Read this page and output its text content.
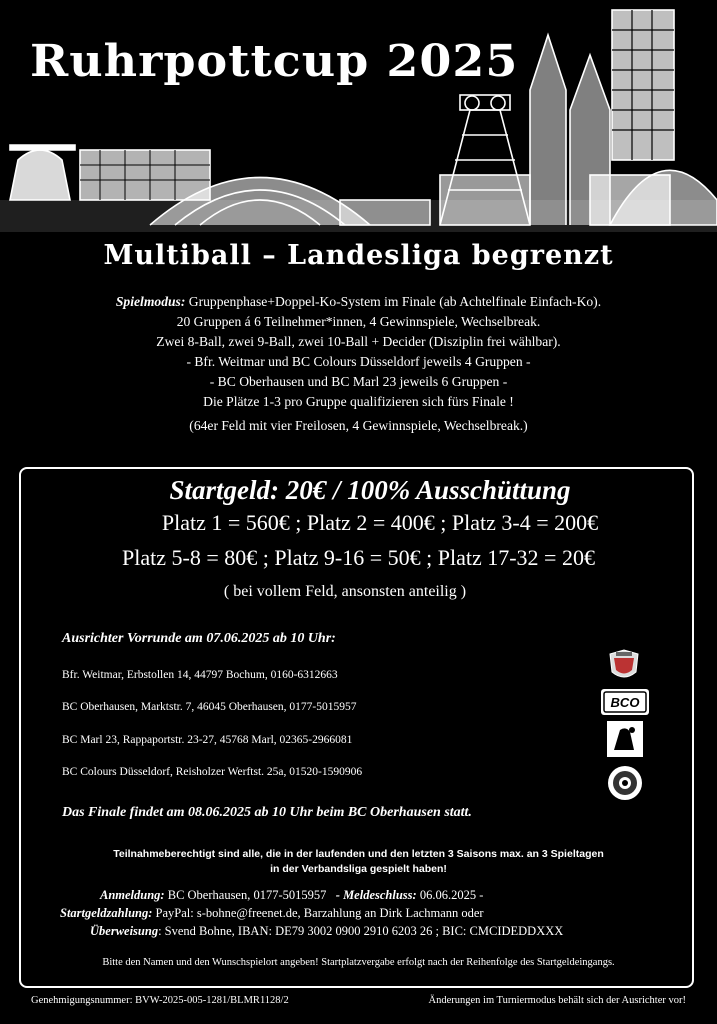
Ruhrpottcup 2025
Multiball – Landesliga begrenzt
Spielmodus: Gruppenphase+Doppel-Ko-System im Finale (ab Achtelfinale Einfach-Ko).
20 Gruppen á 6 Teilnehmer*innen, 4 Gewinnspiele, Wechselbreak.
Zwei 8-Ball, zwei 9-Ball, zwei 10-Ball + Decider (Disziplin frei wählbar).
- Bfr. Weitmar und BC Colours Düsseldorf jeweils 4 Gruppen -
- BC Oberhausen und BC Marl 23 jeweils 6 Gruppen -
Die Plätze 1-3 pro Gruppe qualifizieren sich fürs Finale !
(64er Feld mit vier Freilosen, 4 Gewinnspiele, Wechselbreak.)
Startgeld: 20€ / 100% Ausschüttung
Platz 1 = 560€ ; Platz 2 = 400€ ; Platz 3-4 = 200€
Platz 5-8 = 80€ ; Platz 9-16 = 50€ ; Platz 17-32 = 20€
( bei vollem Feld, ansonsten anteilig )
Ausrichter Vorrunde am 07.06.2025 ab 10 Uhr:
Bfr. Weitmar, Erbstollen 14, 44797 Bochum, 0160-6312663
BC Oberhausen, Marktstr. 7, 46045 Oberhausen, 0177-5015957
BC Marl 23, Rappaportstr. 23-27, 45768 Marl, 02365-2966081
BC Colours Düsseldorf, Reisholzer Werftst. 25a, 01520-1590906
BCO
Das Finale findet am 08.06.2025 ab 10 Uhr beim BC Oberhausen statt.
Teilnahmeberechtigt sind alle, die in der laufenden und den letzten 3 Saisons max. an 3 Spieltagen
in der Verbandsliga gespielt haben!
Anmeldung: BC Oberhausen, 0177-5015957   - Meldeschluss: 06.06.2025 -
Startgeldzahlung: PayPal: s-bohne@freenet.de, Barzahlung an Dirk Lachmann oder
Überweisung: Svend Bohne, IBAN: DE79 3002 0900 2910 6203 26 ; BIC: CMCIDEDDXXX
Bitte den Namen und den Wunschspielort angeben! Startplatzvergabe erfolgt nach der Reihenfolge des Startgeldeingangs.
Genehmigungsnummer: BVW-2025-005-1281/BLMR1128/2	Änderungen im Turniermodus behält sich der Ausrichter vor!
